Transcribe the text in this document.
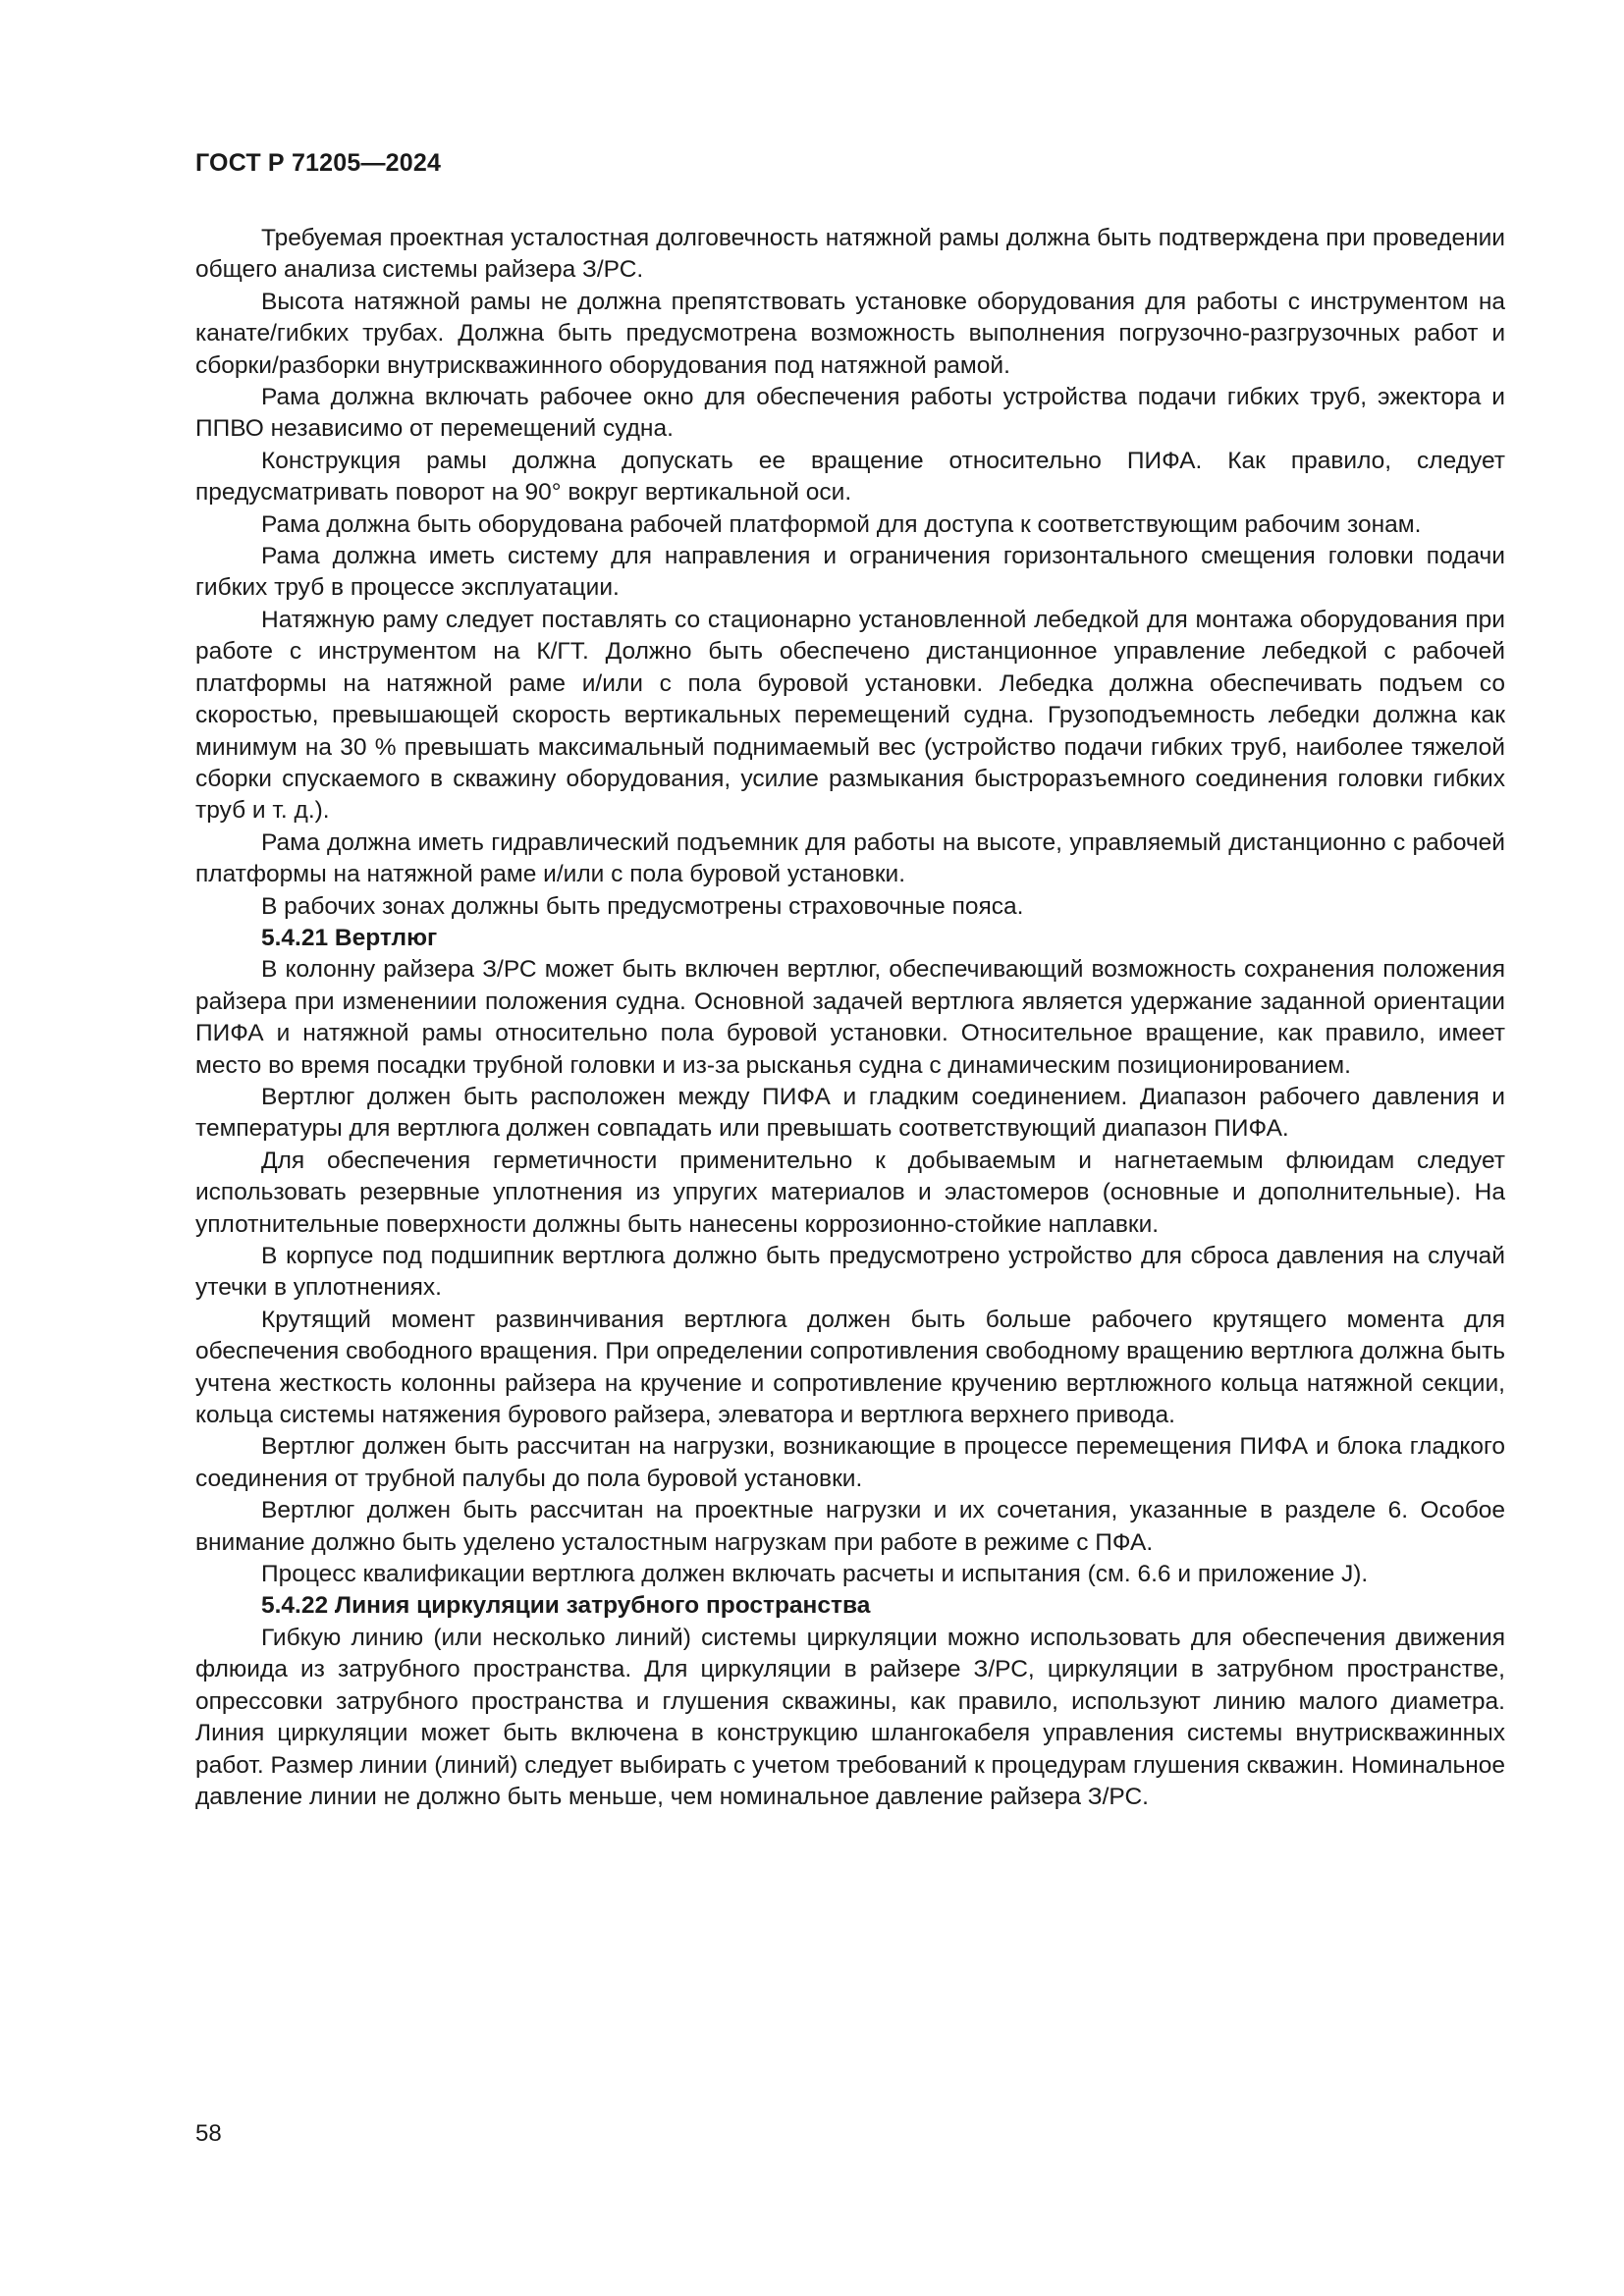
ГОСТ Р 71205—2024

Требуемая проектная усталостная долговечность натяжной рамы должна быть подтверждена при проведении общего анализа системы райзера З/РС.

Высота натяжной рамы не должна препятствовать установке оборудования для работы с инструментом на канате/гибких трубах. Должна быть предусмотрена возможность выполнения погрузочно-разгрузочных работ и сборки/разборки внутрискважинного оборудования под натяжной рамой.

Рама должна включать рабочее окно для обеспечения работы устройства подачи гибких труб, эжектора и ППВО независимо от перемещений судна.

Конструкция рамы должна допускать ее вращение относительно ПИФА. Как правило, следует предусматривать поворот на 90° вокруг вертикальной оси.

Рама должна быть оборудована рабочей платформой для доступа к соответствующим рабочим зонам.

Рама должна иметь систему для направления и ограничения горизонтального смещения головки подачи гибких труб в процессе эксплуатации.

Натяжную раму следует поставлять со стационарно установленной лебедкой для монтажа оборудования при работе с инструментом на К/ГТ. Должно быть обеспечено дистанционное управление лебедкой с рабочей платформы на натяжной раме и/или с пола буровой установки. Лебедка должна обеспечивать подъем со скоростью, превышающей скорость вертикальных перемещений судна. Грузоподъемность лебедки должна как минимум на 30 % превышать максимальный поднимаемый вес (устройство подачи гибких труб, наиболее тяжелой сборки спускаемого в скважину оборудования, усилие размыкания быстроразъемного соединения головки гибких труб и т. д.).

Рама должна иметь гидравлический подъемник для работы на высоте, управляемый дистанционно с рабочей платформы на натяжной раме и/или с пола буровой установки.

В рабочих зонах должны быть предусмотрены страховочные пояса.

5.4.21 Вертлюг

В колонну райзера З/РС может быть включен вертлюг, обеспечивающий возможность сохранения положения райзера при изменениии положения судна. Основной задачей вертлюга является удержание заданной ориентации ПИФА и натяжной рамы относительно пола буровой установки. Относительное вращение, как правило, имеет место во время посадки трубной головки и из-за рысканья судна с динамическим позиционированием.

Вертлюг должен быть расположен между ПИФА и гладким соединением. Диапазон рабочего давления и температуры для вертлюга должен совпадать или превышать соответствующий диапазон ПИФА.

Для обеспечения герметичности применительно к добываемым и нагнетаемым флюидам следует использовать резервные уплотнения из упругих материалов и эластомеров (основные и дополнительные). На уплотнительные поверхности должны быть нанесены коррозионно-стойкие наплавки.

В корпусе под подшипник вертлюга должно быть предусмотрено устройство для сброса давления на случай утечки в уплотнениях.

Крутящий момент развинчивания вертлюга должен быть больше рабочего крутящего момента для обеспечения свободного вращения. При определении сопротивления свободному вращению вертлюга должна быть учтена жесткость колонны райзера на кручение и сопротивление кручению вертлюжного кольца натяжной секции, кольца системы натяжения бурового райзера, элеватора и вертлюга верхнего привода.

Вертлюг должен быть рассчитан на нагрузки, возникающие в процессе перемещения ПИФА и блока гладкого соединения от трубной палубы до пола буровой установки.

Вертлюг должен быть рассчитан на проектные нагрузки и их сочетания, указанные в разделе 6. Особое внимание должно быть уделено усталостным нагрузкам при работе в режиме с ПФА.

Процесс квалификации вертлюга должен включать расчеты и испытания (см. 6.6 и приложение J).

5.4.22 Линия циркуляции затрубного пространства

Гибкую линию (или несколько линий) системы циркуляции можно использовать для обеспечения движения флюида из затрубного пространства. Для циркуляции в райзере З/РС, циркуляции в затрубном пространстве, опрессовки затрубного пространства и глушения скважины, как правило, используют линию малого диаметра. Линия циркуляции может быть включена в конструкцию шлангокабеля управления системы внутрискважинных работ. Размер линии (линий) следует выбирать с учетом требований к процедурам глушения скважин. Номинальное давление линии не должно быть меньше, чем номинальное давление райзера З/РС.

58
